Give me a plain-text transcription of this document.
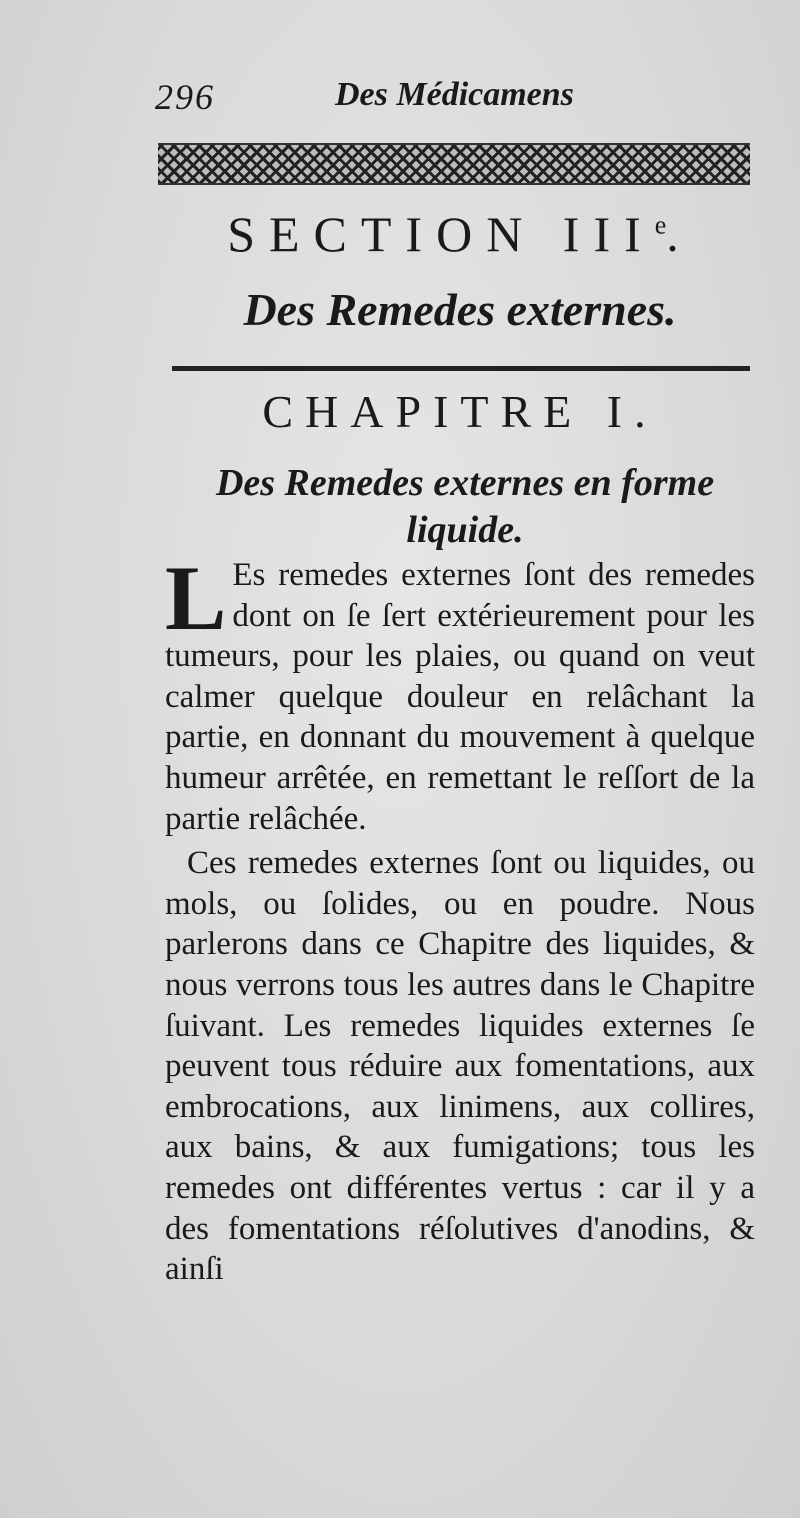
296	Des Médicamens
SECTION IIIe.
Des Remedes externes.
CHAPITRE I.
Des Remedes externes en forme
liquide.

L Es remedes externes ſont des remedes dont on ſe ſert extérieurement pour les tumeurs, pour les plaies, ou quand on veut calmer quelque douleur en relâchant la partie, en donnant du mouvement à quelque humeur arrêtée, en remettant le reſſort de la partie relâchée.

Ces remedes externes ſont ou liquides, ou mols, ou ſolides, ou en poudre. Nous parlerons dans ce Chapitre des liquides, & nous verrons tous les autres dans le Chapitre ſuivant. Les remedes liquides externes ſe peuvent tous réduire aux fomentations, aux embrocations, aux linimens, aux collires, aux bains, & aux fumigations; tous les remedes ont différentes vertus : car il y a des fomentations réſolutives d'anodins, & ainſi
